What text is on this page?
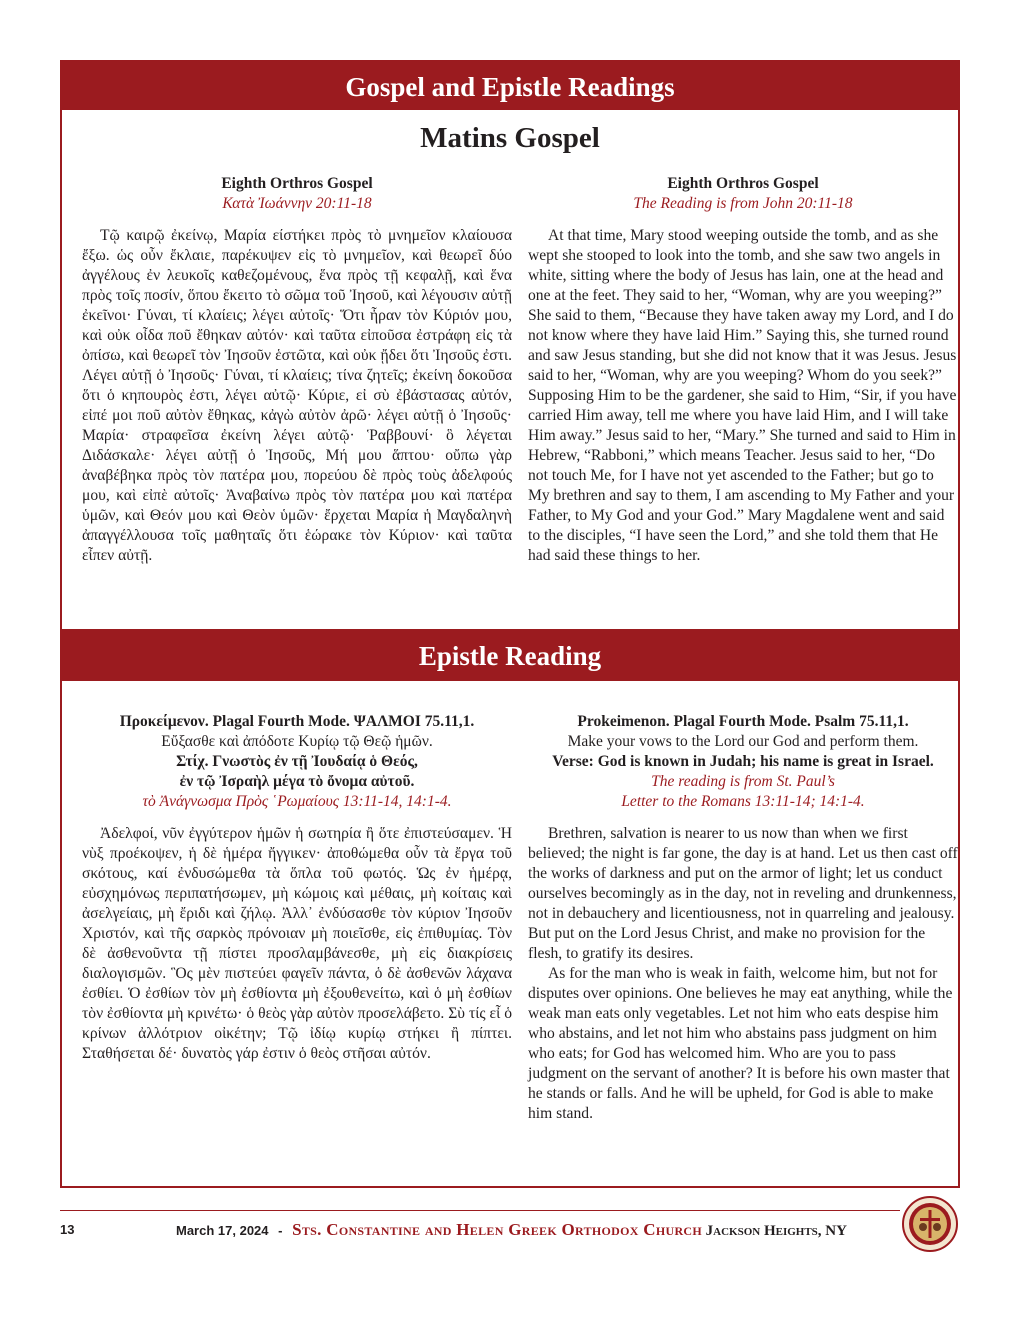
Gospel and Epistle Readings
Matins Gospel
Eighth Orthros Gospel
Κατὰ Ἰωάννην 20:11-18

Τῷ καιρῷ ἐκείνῳ, Μαρία είστήκει πρὸς τὸ μνημεῖον κλαίουσα ἔξω. ὡς οὖν ἔκλαιε, παρέκυψεν εἰς τὸ μνημεῖον, καὶ θεωρεῖ δύο ἀγγέλους ἐν λευκοῖς καθεζομένους, ἕνα πρὸς τῇ κεφαλῇ, καὶ ἕνα πρὸς τοῖς ποσίν, ὅπου ἔκειτο τὸ σῶμα τοῦ Ἰησοῦ, καὶ λέγουσιν αὐτῇ ἐκεῖνοι· Γύναι, τί κλαίεις; λέγει αὐτοῖς· Ὅτι ἦραν τὸν Κύριόν μου, καὶ οὐκ οἶδα ποῦ ἔθηκαν αὐτόν· καὶ ταῦτα εἰποῦσα ἐστράφη εἰς τὰ ὀπίσω, καὶ θεωρεῖ τὸν Ἰησοῦν ἑστῶτα, καὶ οὐκ ᾔδει ὅτι Ἰησοῦς ἐστι. Λέγει αὐτῇ ὁ Ἰησοῦς· Γύναι, τί κλαίεις; τίνα ζητεῖς; ἐκείνη δοκοῦσα ὅτι ὁ κηπουρὸς ἐστι, λέγει αὐτῷ· Κύριε, εἰ σὺ ἐβάστασας αὐτόν, εἰπέ μοι ποῦ αὐτὸν ἔθηκας, κἀγὼ αὐτὸν ἀρῶ· λέγει αὐτῇ ὁ Ἰησοῦς· Μαρία· στραφεῖσα ἐκείνη λέγει αὐτῷ· Ῥαββουνί· ὃ λέγεται Διδάσκαλε· λέγει αὐτῇ ὁ Ἰησοῦς, Μή μου ἅπτου· οὔπω γὰρ ἀναβέβηκα πρὸς τὸν πατέρα μου, πορεύου δὲ πρὸς τοὺς ἀδελφούς μου, καὶ εἰπὲ αὐτοῖς· Ἀναβαίνω πρὸς τὸν πατέρα μου καὶ πατέρα ὑμῶν, καὶ Θεόν μου καὶ Θεὸν ὑμῶν· ἔρχεται Μαρία ἡ Μαγδαληνὴ ἀπαγγέλλουσα τοῖς μαθηταῖς ὅτι ἑώρακε τὸν Κύριον· καὶ ταῦτα εἶπεν αὐτῇ.

Eighth Orthros Gospel
The Reading is from John 20:11-18

At that time, Mary stood weeping outside the tomb, and as she wept she stooped to look into the tomb, and she saw two angels in white, sitting where the body of Jesus has lain, one at the head and one at the feet. They said to her, “Woman, why are you weeping?” She said to them, “Because they have taken away my Lord, and I do not know where they have laid Him.” Saying this, she turned round and saw Jesus standing, but she did not know that it was Jesus. Jesus said to her, “Woman, why are you weeping? Whom do you seek?” Supposing Him to be the gardener, she said to Him, “Sir, if you have carried Him away, tell me where you have laid Him, and I will take Him away.” Jesus said to her, “Mary.” She turned and said to Him in Hebrew, “Rabboni,” which means Teacher. Jesus said to her, “Do not touch Me, for I have not yet ascended to the Father; but go to My brethren and say to them, I am ascending to My Father and your Father, to My God and your God.” Mary Magdalene went and said to the disciples, “I have seen the Lord,” and she told them that He had said these things to her.

Epistle Reading
Προκείμενον. Plagal Fourth Mode. ΨΑΛΜΟΙ 75.11,1.
Εὔξασθε καὶ ἀπόδοτε Κυρίῳ τῷ Θεῷ ἡμῶν.
Στίχ. Γνωστὸς ἐν τῇ Ἰουδαίᾳ ὁ Θεός,
ἐν τῷ Ἰσραὴλ μέγα τὸ ὄνομα αὐτοῦ.
τὸ Ἀνάγνωσμα Πρὸς ῾Ρωμαίους 13:11-14, 14:1-4.

Ἀδελφοί, νῦν ἐγγύτερον ἡμῶν ἡ σωτηρία ἢ ὅτε ἐπιστεύσαμεν. Ἡ νὺξ προέκοψεν, ἡ δὲ ἡμέρα ἤγγικεν· ἀποθώμεθα οὖν τὰ ἔργα τοῦ σκότους, καί ἐνδυσώμεθα τὰ ὅπλα τοῦ φωτός. Ὡς ἐν ἡμέρᾳ, εὐσχημόνως περιπατήσωμεν, μὴ κώμοις καὶ μέθαις, μὴ κοίταις καὶ ἀσελγείαις, μὴ ἔριδι καὶ ζήλῳ. Ἀλλ᾽ ἐνδύσασθε τὸν κύριον Ἰησοῦν Χριστόν, καὶ τῆς σαρκὸς πρόνοιαν μὴ ποιεῖσθε, εἰς ἐπιθυμίας. Τὸν δὲ ἀσθενοῦντα τῇ πίστει προσλαμβάνεσθε, μὴ εἰς διακρίσεις διαλογισμῶν. Ὃς μὲν πιστεύει φαγεῖν πάντα, ὁ δὲ ἀσθενῶν λάχανα ἐσθίει. Ὁ ἐσθίων τὸν μὴ ἐσθίοντα μὴ ἐξουθενείτω, καὶ ὁ μὴ ἐσθίων τὸν ἐσθίοντα μὴ κρινέτω· ὁ θεὸς γὰρ αὐτὸν προσελάβετο. Σὺ τίς εἶ ὁ κρίνων ἀλλότριον οἰκέτην; Τῷ ἰδίῳ κυρίῳ στήκει ἢ πίπτει. Σταθήσεται δέ· δυνατὸς γάρ ἐστιν ὁ θεὸς στῆσαι αὐτόν.

Prokeimenon. Plagal Fourth Mode. Psalm 75.11,1.
Make your vows to the Lord our God and perform them.
Verse: God is known in Judah; his name is great in Israel.
The reading is from St. Paul’s
Letter to the Romans 13:11-14; 14:1-4.

Brethren, salvation is nearer to us now than when we first believed; the night is far gone, the day is at hand. Let us then cast off the works of darkness and put on the armor of light; let us conduct ourselves becomingly as in the day, not in reveling and drunkenness, not in debauchery and licentiousness, not in quarreling and jealousy. But put on the Lord Jesus Christ, and make no provision for the flesh, to gratify its desires.

As for the man who is weak in faith, welcome him, but not for disputes over opinions. One believes he may eat anything, while the weak man eats only vegetables. Let not him who eats despise him who abstains, and let not him who abstains pass judgment on him who eats; for God has welcomed him. Who are you to pass judgment on the servant of another? It is before his own master that he stands or falls. And he will be upheld, for God is able to make him stand.

13	March 17, 2024 - Sts. Constantine and Helen Greek Orthodox Church Jackson Heights, NY
